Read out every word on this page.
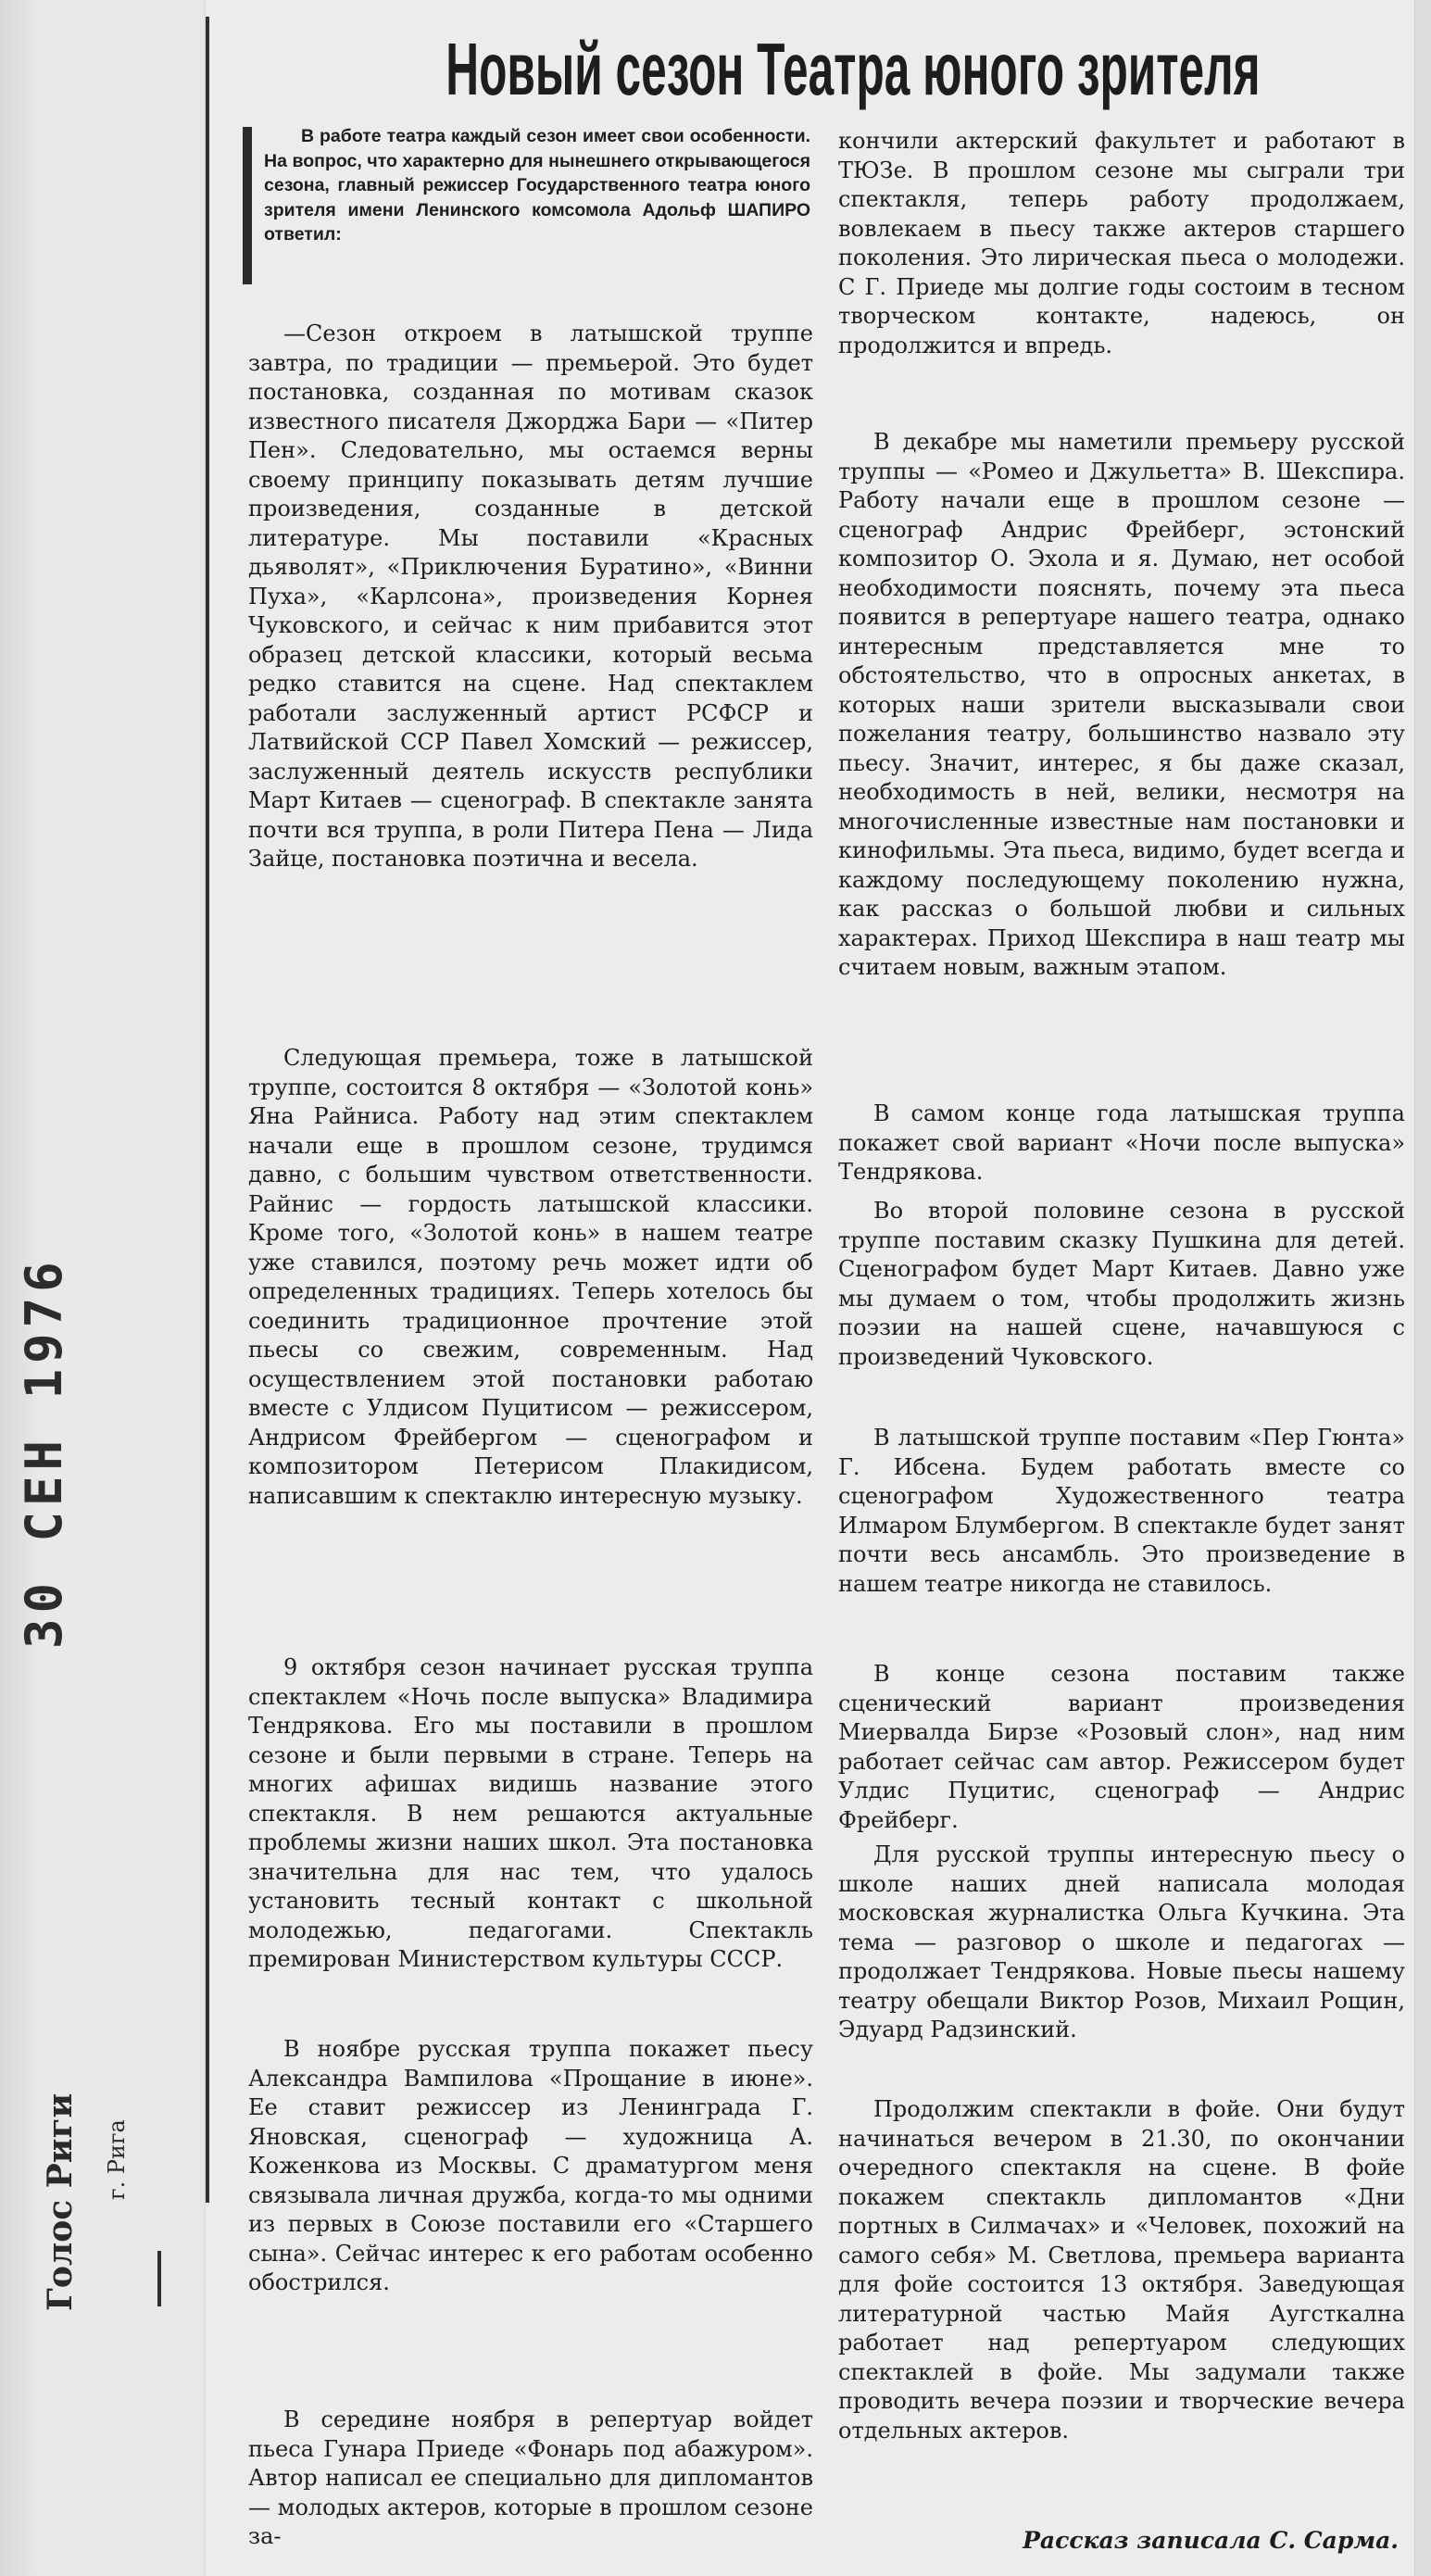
30 СЕН 1976
Голос Риги г. Рига
Новый сезон Театра юного зрителя

В работе театра каждый сезон имеет свои особенности. На вопрос, что характерно для нынешнего открывающегося сезона, главный режиссер Государственного театра юного зрителя имени Ленинского комсомола Адольф ШАПИРО ответил:

—Сезон откроем в латышской труппе завтра, по традиции — премьерой. Это будет постановка, созданная по мотивам сказок известного писателя Джорджа Бари — «Питер Пен». Следовательно, мы остаемся верны своему принципу показывать детям лучшие произведения, созданные в детской литературе. Мы поставили «Красных дьяволят», «Приключения Буратино», «Винни Пуха», «Карлсона», произведения Корнея Чуковского, и сейчас к ним прибавится этот образец детской классики, который весьма редко ставится на сцене. Над спектаклем работали заслуженный артист РСФСР и Латвийской ССР Павел Хомский — режиссер, заслуженный деятель искусств республики Март Китаев — сценограф. В спектакле занята почти вся труппа, в роли Питера Пена — Лида Зайце, постановка поэтична и весела.

Следующая премьера, тоже в латышской труппе, состоится 8 октября — «Золотой конь» Яна Райниса. Работу над этим спектаклем начали еще в прошлом сезоне, трудимся давно, с большим чувством ответственности. Райнис — гордость латышской классики. Кроме того, «Золотой конь» в нашем театре уже ставился, поэтому речь может идти об определенных традициях. Теперь хотелось бы соединить традиционное прочтение этой пьесы со свежим, современным. Над осуществлением этой постановки работаю вместе с Улдисом Пуцитисом — режиссером, Андрисом Фрейбергом — сценографом и композитором Петерисом Плакидисом, написавшим к спектаклю интересную музыку.

9 октября сезон начинает русская труппа спектаклем «Ночь после выпуска» Владимира Тендрякова. Его мы поставили в прошлом сезоне и были первыми в стране. Теперь на многих афишах видишь название этого спектакля. В нем решаются актуальные проблемы жизни наших школ. Эта постановка значительна для нас тем, что удалось установить тесный контакт с школьной молодежью, педагогами. Спектакль премирован Министерством культуры СССР.

В ноябре русская труппа покажет пьесу Александра Вампилова «Прощание в июне». Ее ставит режиссер из Ленинграда Г. Яновская, сценограф — художница А. Коженкова из Москвы. С драматургом меня связывала личная дружба, когда-то мы одними из первых в Союзе поставили его «Старшего сына». Сейчас интерес к его работам особенно обострился.

В середине ноября в репертуар войдет пьеса Гунара Приеде «Фонарь под абажуром». Автор написал ее специально для дипломантов — молодых актеров, которые в прошлом сезоне за-

кончили актерский факультет и работают в ТЮЗе. В прошлом сезоне мы сыграли три спектакля, теперь работу продолжаем, вовлекаем в пьесу также актеров старшего поколения. Это лирическая пьеса о молодежи. С Г. Приеде мы долгие годы состоим в тесном творческом контакте, надеюсь, он продолжится и впредь.

В декабре мы наметили премьеру русской труппы — «Ромео и Джульетта» В. Шекспира. Работу начали еще в прошлом сезоне — сценограф Андрис Фрейберг, эстонский композитор О. Эхола и я. Думаю, нет особой необходимости пояснять, почему эта пьеса появится в репертуаре нашего театра, однако интересным представляется мне то обстоятельство, что в опросных анкетах, в которых наши зрители высказывали свои пожелания театру, большинство назвало эту пьесу. Значит, интерес, я бы даже сказал, необходимость в ней, велики, несмотря на многочисленные известные нам постановки и кинофильмы. Эта пьеса, видимо, будет всегда и каждому последующему поколению нужна, как рассказ о большой любви и сильных характерах. Приход Шекспира в наш театр мы считаем новым, важным этапом.

В самом конце года латышская труппа покажет свой вариант «Ночи после выпуска» Тендрякова.

Во второй половине сезона в русской труппе поставим сказку Пушкина для детей. Сценографом будет Март Китаев. Давно уже мы думаем о том, чтобы продолжить жизнь поэзии на нашей сцене, начавшуюся с произведений Чуковского.

В латышской труппе поставим «Пер Гюнта» Г. Ибсена. Будем работать вместе со сценографом Художественного театра Илмаром Блумбергом. В спектакле будет занят почти весь ансамбль. Это произведение в нашем театре никогда не ставилось.

В конце сезона поставим также сценический вариант произведения Миервалда Бирзе «Розовый слон», над ним работает сейчас сам автор. Режиссером будет Улдис Пуцитис, сценограф — Андрис Фрейберг.

Для русской труппы интересную пьесу о школе наших дней написала молодая московская журналистка Ольга Кучкина. Эта тема — разговор о школе и педагогах — продолжает Тендрякова. Новые пьесы нашему театру обещали Виктор Розов, Михаил Рощин, Эдуард Радзинский.

Продолжим спектакли в фойе. Они будут начинаться вечером в 21.30, по окончании очередного спектакля на сцене. В фойе покажем спектакль дипломантов «Дни портных в Силмачах» и «Человек, похожий на самого себя» М. Светлова, премьера варианта для фойе состоится 13 октября. Заведующая литературной частью Майя Аугсткална работает над репертуаром следующих спектаклей в фойе. Мы задумали также проводить вечера поэзии и творческие вечера отдельных актеров.

Рассказ записала С. Сарма.
